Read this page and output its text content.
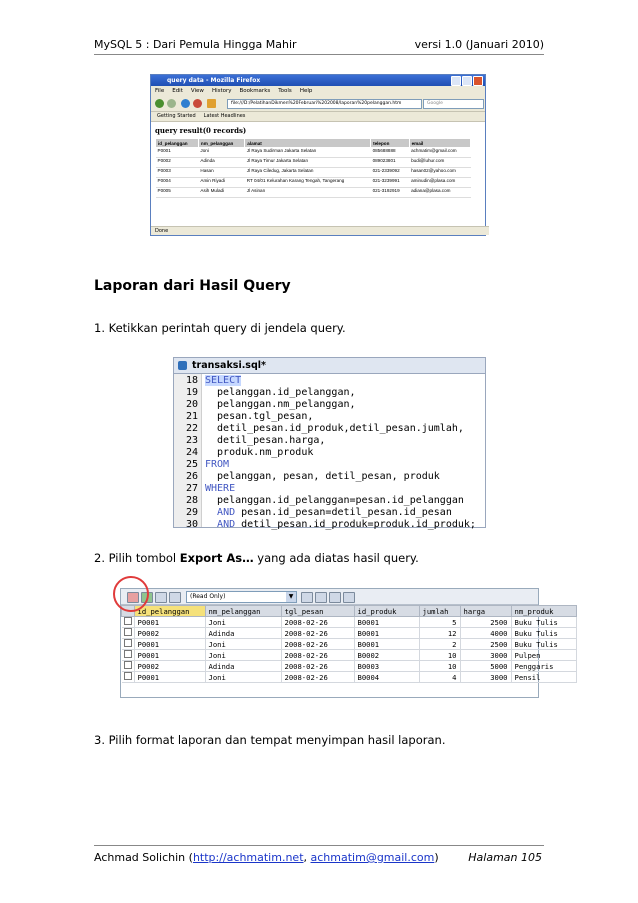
MySQL 5 : Dari Pemula Hingga Mahir	versi 1.0 (Januari 2010)
query data - Mozilla Firefox
File Edit View History Bookmarks Tools Help
file:///D:/PelatihanDikmen%20Februari%202008/laporan%20pelanggan.htm	Google
Getting Started Latest Headlines
query result(0 records)
id_pelanggan	nm_pelanggan	alamat	telepon	email
P0001	Joni	Jl Raya Sudirman Jakarta Selatan	085688888	achmatim@gmail.com
P0002	Adinda	Jl Raya Timur Jakarta Selatan	089023801	budi@luhur.com
P0003	Hasan	Jl Raya Ciledug, Jakarta Selatan	021-2339092	hasan02@yahoo.com
P0004	Amin Riyadi	RT 04/01 Kelurahan Karang Tengah, Tangerang	021-3239991	aminudin@plasa.com
P0005	Asih Muladi	Jl Asinan	021-3192919	adiana@plasa.com
Done
Laporan dari Hasil Query
1. Ketikkan perintah query di jendela query.
transaksi.sql*
18 SELECT
19  pelanggan.id_pelanggan,
20  pelanggan.nm_pelanggan,
21  pesan.tgl_pesan,
22  detil_pesan.id_produk,detil_pesan.jumlah,
23  detil_pesan.harga,
24  produk.nm_produk
25 FROM
26  pelanggan, pesan, detil_pesan, produk
27 WHERE
28  pelanggan.id_pelanggan=pesan.id_pelanggan
29 AND pesan.id_pesan=detil_pesan.id_pesan
30 AND detil_pesan.id_produk=produk.id_produk;
2. Pilih tombol Export As… yang ada diatas hasil query.
(Read Only)	▼
	id_pelanggan	nm_pelanggan	tgl_pesan	id_produk	jumlah	harga	nm_produk
	P0001	Joni	2008-02-26	B0001	5	2500	Buku Tulis
	P0002	Adinda	2008-02-26	B0001	12	4000	Buku Tulis
	P0001	Joni	2008-02-26	B0001	2	2500	Buku Tulis
	P0001	Joni	2008-02-26	B0002	10	3000	Pulpen
	P0002	Adinda	2008-02-26	B0003	10	5000	Penggaris
	P0001	Joni	2008-02-26	B0004	4	3000	Pensil
3. Pilih format laporan dan tempat menyimpan hasil laporan.
Achmad Solichin (http://achmatim.net, achmatim@gmail.com)	Halaman 105
